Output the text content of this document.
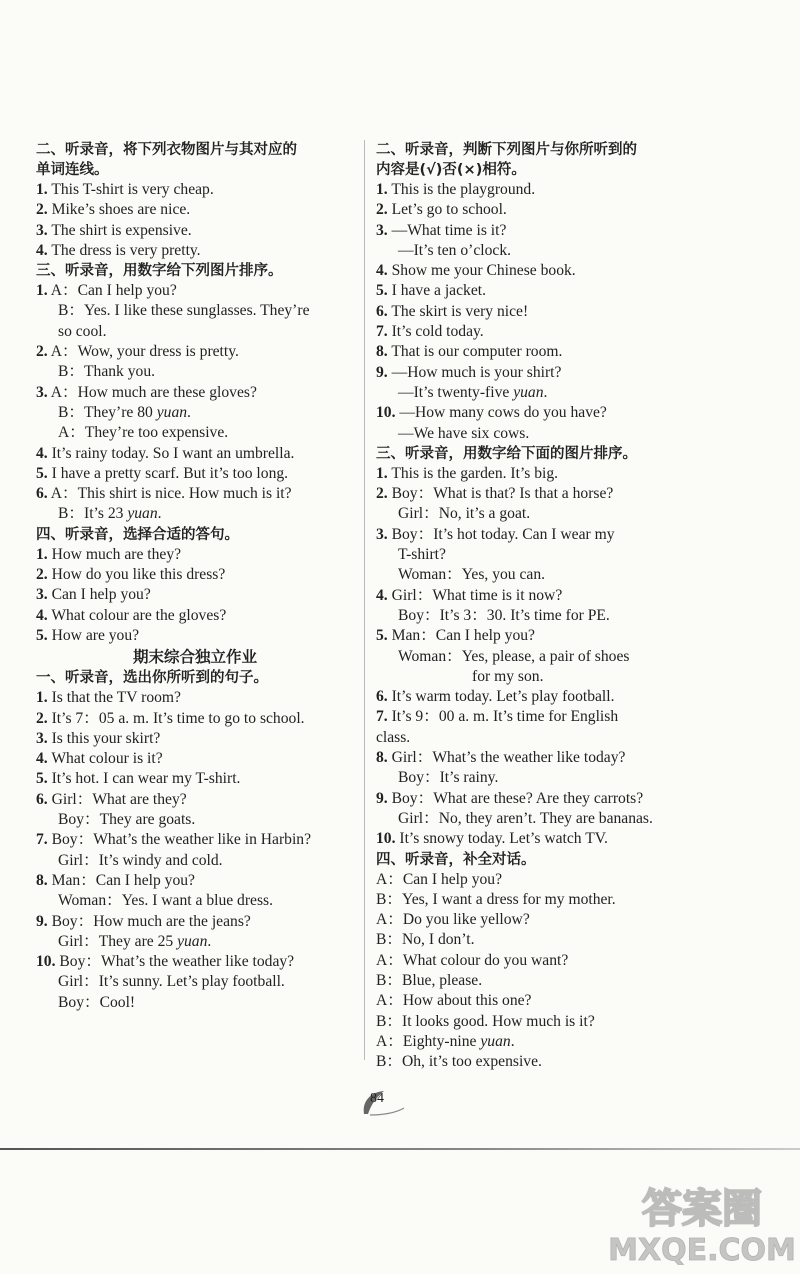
二、听录音，将下列衣物图片与其对应的

单词连线。

1. This T-shirt is very cheap.

2. Mike’s shoes are nice.

3. The shirt is expensive.

4. The dress is very pretty.

三、听录音，用数字给下列图片排序。

1. A：Can I help you?

B：Yes. I like these sunglasses. They’re

so cool.

2. A：Wow, your dress is pretty.

B：Thank you.

3. A：How much are these gloves?

B：They’re 80 yuan.

A：They’re too expensive.

4. It’s rainy today. So I want an umbrella.

5. I have a pretty scarf. But it’s too long.

6. A：This shirt is nice. How much is it?

B：It’s 23 yuan.

四、听录音，选择合适的答句。

1. How much are they?

2. How do you like this dress?

3. Can I help you?

4. What colour are the gloves?

5. How are you?

期末综合独立作业

一、听录音，选出你所听到的句子。

1. Is that the TV room?

2. It’s 7：05 a. m. It’s time to go to school.

3. Is this your skirt?

4. What colour is it?

5. It’s hot. I can wear my T-shirt.

6. Girl：What are they?

Boy：They are goats.

7. Boy：What’s the weather like in Harbin?

Girl：It’s windy and cold.

8. Man：Can I help you?

Woman：Yes. I want a blue dress.

9. Boy：How much are the jeans?

Girl：They are 25 yuan.

10. Boy：What’s the weather like today?

Girl：It’s sunny. Let’s play football.

Boy：Cool!

二、听录音，判断下列图片与你所听到的

内容是(√)否(×)相符。

1. This is the playground.

2. Let’s go to school.

3. —What time is it?

—It’s ten o’clock.

4. Show me your Chinese book.

5. I have a jacket.

6. The skirt is very nice!

7. It’s cold today.

8. That is our computer room.

9. —How much is your shirt?

—It’s twenty-five yuan.

10. —How many cows do you have?

—We have six cows.

三、听录音，用数字给下面的图片排序。

1. This is the garden. It’s big.

2. Boy：What is that? Is that a horse?

Girl：No, it’s a goat.

3. Boy：It’s hot today. Can I wear my

T-shirt?

Woman：Yes, you can.

4. Girl：What time is it now?

Boy：It’s 3：30. It’s time for PE.

5. Man：Can I help you?

Woman：Yes, please, a pair of shoes

for my son.

6. It’s warm today. Let’s play football.

7. It’s 9：00 a. m. It’s time for English

class.

8. Girl：What’s the weather like today?

Boy：It’s rainy.

9. Boy：What are these? Are they carrots?

Girl：No, they aren’t. They are bananas.

10. It’s snowy today. Let’s watch TV.

四、听录音，补全对话。

A：Can I help you?

B：Yes, I want a dress for my mother.

A：Do you like yellow?

B：No, I don’t.

A：What colour do you want?

B：Blue, please.

A：How about this one?

B：It looks good. How much is it?

A：Eighty-nine yuan.

B：Oh, it’s too expensive.

84
答案圈
MXQE.COM
